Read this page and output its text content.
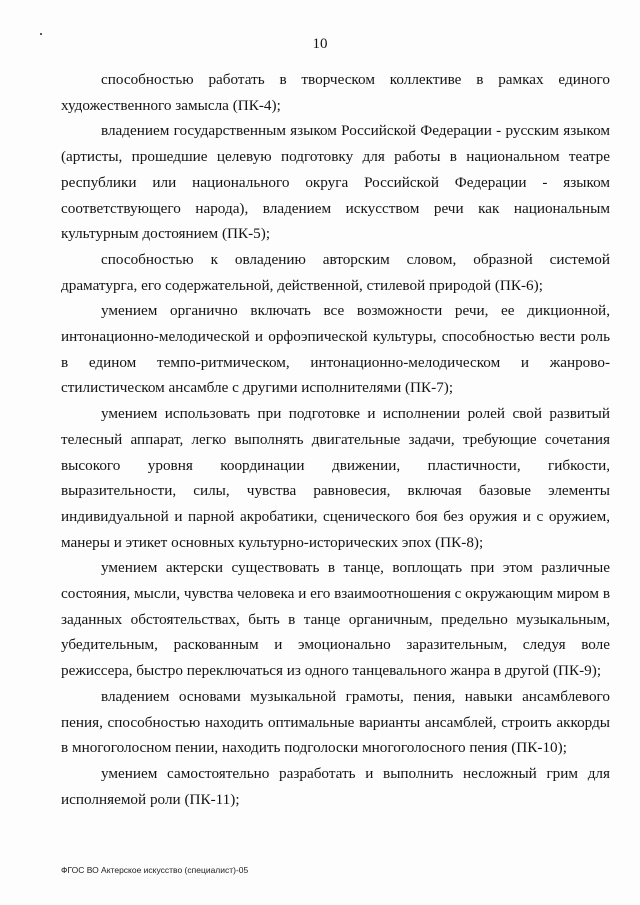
10

способностью работать в творческом коллективе в рамках единого художественного замысла (ПК-4);

владением государственным языком Российской Федерации - русским языком (артисты, прошедшие целевую подготовку для работы в национальном театре республики или национального округа Российской Федерации - языком соответствующего народа), владением искусством речи как национальным культурным достоянием (ПК-5);

способностью к овладению авторским словом, образной системой драматурга, его содержательной, действенной, стилевой природой (ПК-6);

умением органично включать все возможности речи, ее дикционной, интонационно-мелодической и орфоэпической культуры, способностью вести роль в едином темпо-ритмическом, интонационно-мелодическом и жанрово-стилистическом ансамбле с другими исполнителями (ПК-7);

умением использовать при подготовке и исполнении ролей свой развитый телесный аппарат, легко выполнять двигательные задачи, требующие сочетания высокого уровня координации движении, пластичности, гибкости, выразительности, силы, чувства равновесия, включая базовые элементы индивидуальной и парной акробатики, сценического боя без оружия и с оружием, манеры и этикет основных культурно-исторических эпох (ПК-8);

умением актерски существовать в танце, воплощать при этом различные состояния, мысли, чувства человека и его взаимоотношения с окружающим миром в заданных обстоятельствах, быть в танце органичным, предельно музыкальным, убедительным, раскованным и эмоционально заразительным, следуя воле режиссера, быстро переключаться из одного танцевального жанра в другой (ПК-9);

владением основами музыкальной грамоты, пения, навыки ансамблевого пения, способностью находить оптимальные варианты ансамблей, строить аккорды в многоголосном пении, находить подголоски многоголосного пения (ПК-10);

умением самостоятельно разработать и выполнить несложный грим для исполняемой роли (ПК-11);

ФГОС ВО Актерское искусство (специалист)-05
